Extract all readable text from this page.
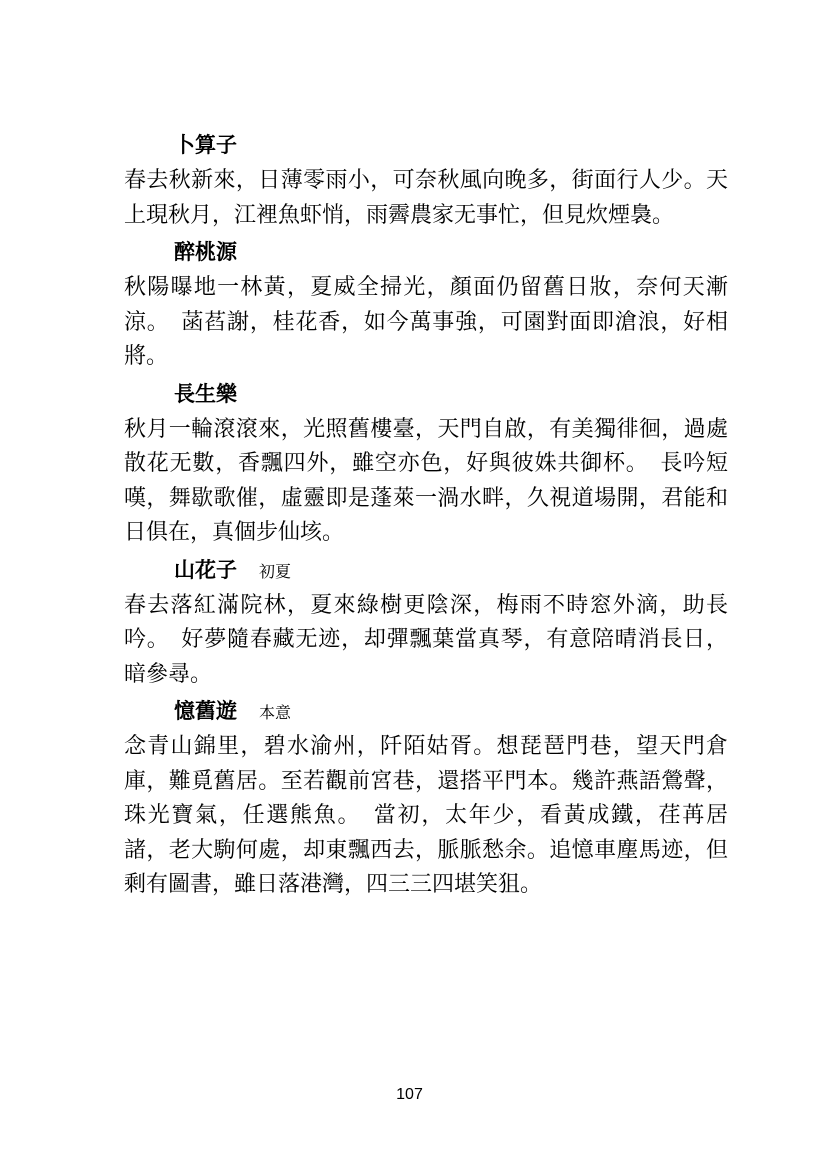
卜算子

春去秋新來，日薄零雨小，可奈秋風向晚多，街面行人少。天上現秋月，江裡魚虾悄，雨霽農家无事忙，但見炊煙裊。

醉桃源

秋陽曝地一林黃，夏威全掃光，顏面仍留舊日妝，奈何天漸涼。　菡萏謝，桂花香，如今萬事強，可園對面即滄浪，好相將。

長生樂

秋月一輪滾滾來，光照舊樓臺，天門自啟，有美獨徘徊，過處散花无數，香飄四外，雖空亦色，好與彼姝共御杯。　長吟短嘆，舞歇歌催，虛靈即是蓬萊一渦水畔，久視道場開，君能和日俱在，真個步仙垓。

山花子 初夏

春去落紅滿院林，夏來綠樹更陰深，梅雨不時窓外滴，助長吟。　好夢隨春藏无迹，却彈飄葉當真琴，有意陪晴消長日，暗參尋。

憶舊遊 本意

念青山錦里，碧水渝州，阡陌姑胥。想琵琶門巷，望天門倉庫，難覓舊居。至若觀前宮巷，還搭平門本。幾許燕語鶯聲，珠光寶氣，任選熊魚。　當初，太年少，看黃成鐵，荏苒居諸，老大駒何處，却東飄西去，脈脈愁余。追憶車塵馬迹，但剩有圖書，雖日落港灣，四三三四堪笑狙。

107
